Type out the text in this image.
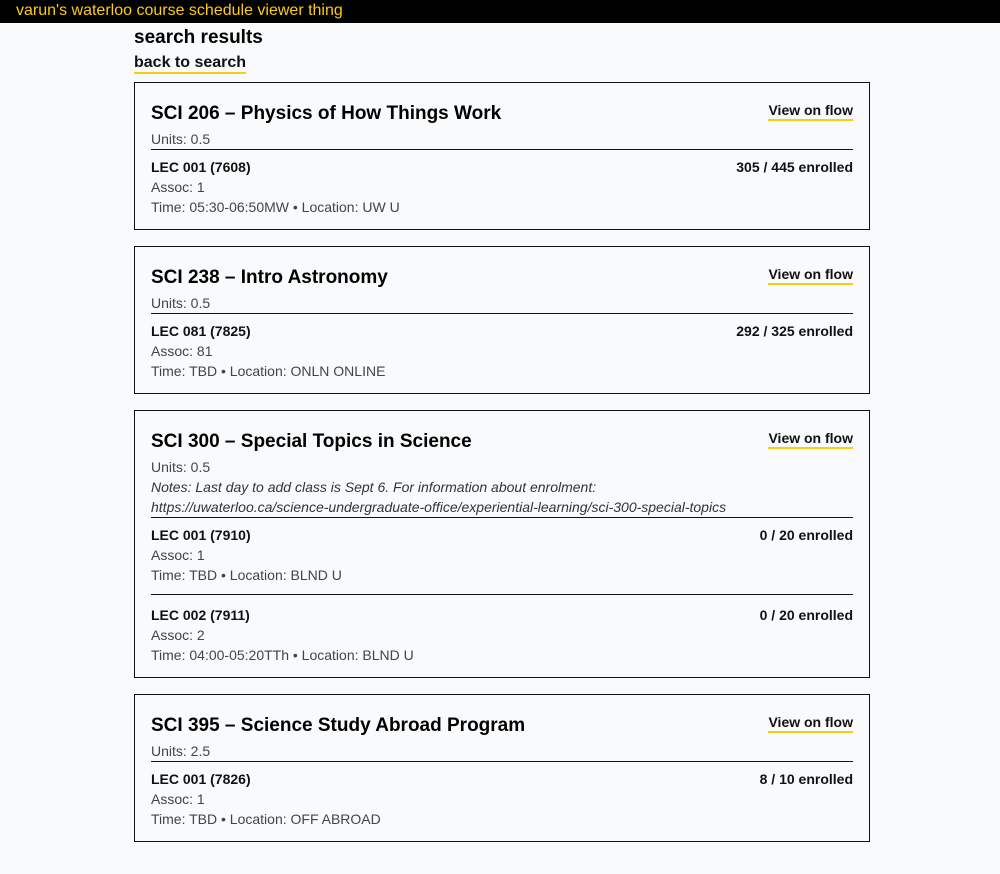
varun's waterloo course schedule viewer thing
search results
back to search
SCI 206 – Physics of How Things Work
Units: 0.5
View on flow
LEC 001 (7608)
Assoc: 1
Time: 05:30-06:50MW • Location: UW U
305 / 445 enrolled
SCI 238 – Intro Astronomy
Units: 0.5
View on flow
LEC 081 (7825)
Assoc: 81
Time: TBD • Location: ONLN ONLINE
292 / 325 enrolled
SCI 300 – Special Topics in Science
Units: 0.5
Notes: Last day to add class is Sept 6. For information about enrolment: https://uwaterloo.ca/science-undergraduate-office/experiential-learning/sci-300-special-topics
View on flow
LEC 001 (7910)
Assoc: 1
Time: TBD • Location: BLND U
0 / 20 enrolled
LEC 002 (7911)
Assoc: 2
Time: 04:00-05:20TTh • Location: BLND U
0 / 20 enrolled
SCI 395 – Science Study Abroad Program
Units: 2.5
View on flow
LEC 001 (7826)
Assoc: 1
Time: TBD • Location: OFF ABROAD
8 / 10 enrolled
